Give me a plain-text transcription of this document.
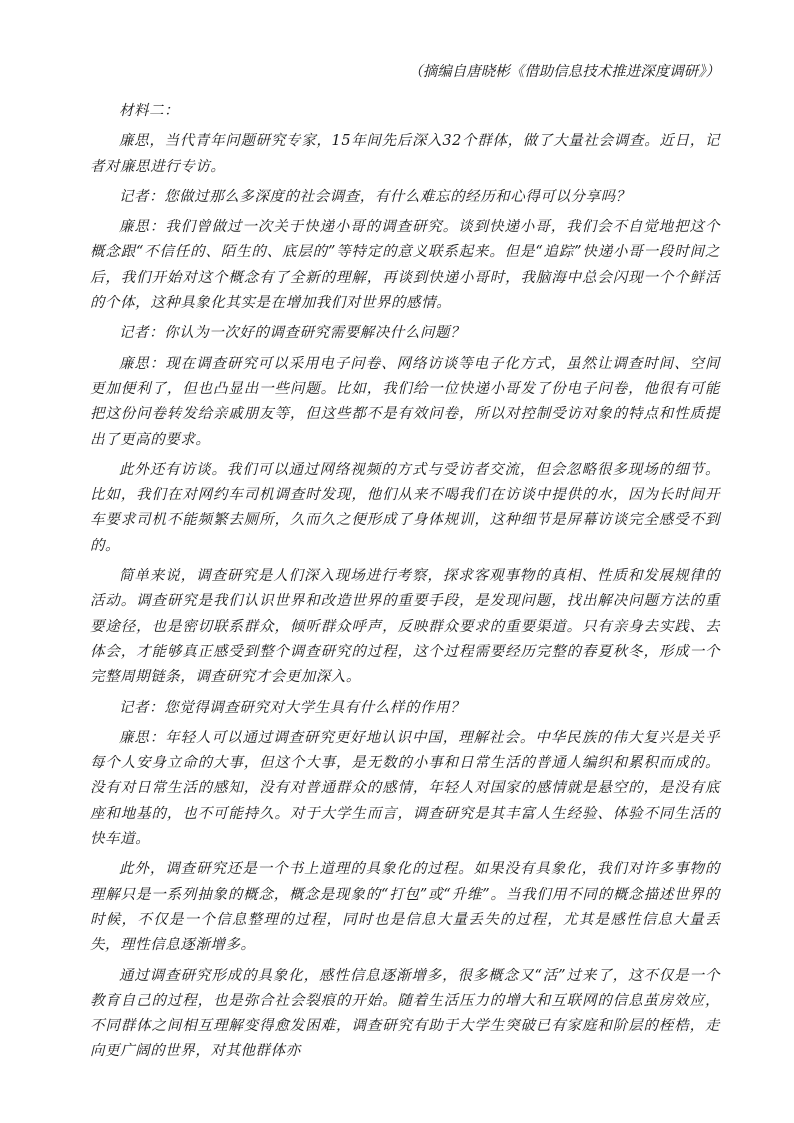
（摘编自唐晓彬《借助信息技术推进深度调研》）

材料二：

廉思，当代青年问题研究专家，15年间先后深入32个群体，做了大量社会调查。近日，记者对廉思进行专访。

记者：您做过那么多深度的社会调查，有什么难忘的经历和心得可以分享吗？

廉思：我们曾做过一次关于快递小哥的调查研究。谈到快递小哥，我们会不自觉地把这个概念跟“不信任的、陌生的、底层的”等特定的意义联系起来。但是“追踪”快递小哥一段时间之后，我们开始对这个概念有了全新的理解，再谈到快递小哥时，我脑海中总会闪现一个个鲜活的个体，这种具象化其实是在增加我们对世界的感情。

记者：你认为一次好的调查研究需要解决什么问题？

廉思：现在调查研究可以采用电子问卷、网络访谈等电子化方式，虽然让调查时间、空间更加便利了，但也凸显出一些问题。比如，我们给一位快递小哥发了份电子问卷，他很有可能把这份问卷转发给亲戚朋友等，但这些都不是有效问卷，所以对控制受访对象的特点和性质提出了更高的要求。

此外还有访谈。我们可以通过网络视频的方式与受访者交流，但会忽略很多现场的细节。比如，我们在对网约车司机调查时发现，他们从来不喝我们在访谈中提供的水，因为长时间开车要求司机不能频繁去厕所，久而久之便形成了身体规训，这种细节是屏幕访谈完全感受不到的。

简单来说，调查研究是人们深入现场进行考察，探求客观事物的真相、性质和发展规律的活动。调查研究是我们认识世界和改造世界的重要手段，是发现问题，找出解决问题方法的重要途径，也是密切联系群众，倾听群众呼声，反映群众要求的重要渠道。只有亲身去实践、去体会，才能够真正感受到整个调查研究的过程，这个过程需要经历完整的春夏秋冬，形成一个完整周期链条，调查研究才会更加深入。

记者：您觉得调查研究对大学生具有什么样的作用？

廉思：年轻人可以通过调查研究更好地认识中国，理解社会。中华民族的伟大复兴是关乎每个人安身立命的大事，但这个大事，是无数的小事和日常生活的普通人编织和累积而成的。没有对日常生活的感知，没有对普通群众的感情，年轻人对国家的感情就是悬空的，是没有底座和地基的，也不可能持久。对于大学生而言，调查研究是其丰富人生经验、体验不同生活的快车道。

此外，调查研究还是一个书上道理的具象化的过程。如果没有具象化，我们对许多事物的理解只是一系列抽象的概念，概念是现象的“打包”或“升维”。当我们用不同的概念描述世界的时候，不仅是一个信息整理的过程，同时也是信息大量丢失的过程，尤其是感性信息大量丢失，理性信息逐渐增多。

通过调查研究形成的具象化，感性信息逐渐增多，很多概念又“活”过来了，这不仅是一个教育自己的过程，也是弥合社会裂痕的开始。随着生活压力的增大和互联网的信息茧房效应，不同群体之间相互理解变得愈发困难，调查研究有助于大学生突破已有家庭和阶层的桎梏，走向更广阔的世界，对其他群体亦
